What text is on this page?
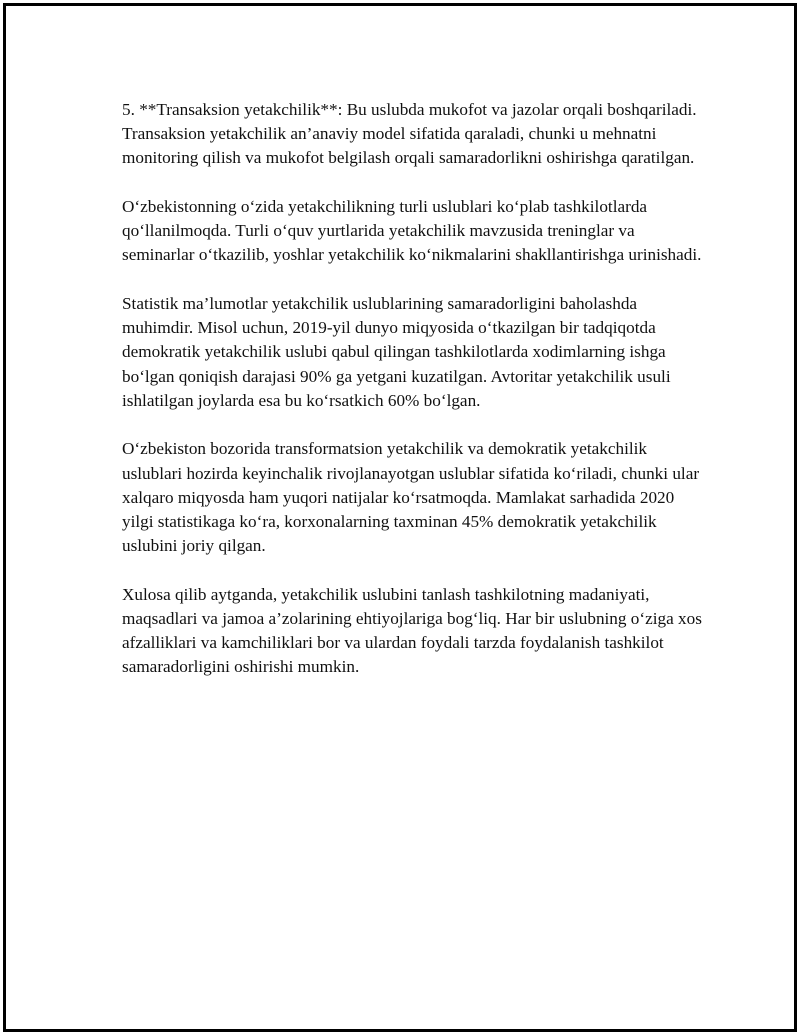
5. **Transaksion yetakchilik**: Bu uslubda mukofot va jazolar orqali boshqariladi. Transaksion yetakchilik an’anaviy model sifatida qaraladi, chunki u mehnatni monitoring qilish va mukofot belgilash orqali samaradorlikni oshirishga qaratilgan.

O‘zbekistonning o‘zida yetakchilikning turli uslublari ko‘plab tashkilotlarda qo‘llanilmoqda. Turli o‘quv yurtlarida yetakchilik mavzusida treninglar va seminarlar o‘tkazilib, yoshlar yetakchilik ko‘nikmalarini shakllantirishga urinishadi.

Statistik ma’lumotlar yetakchilik uslublarining samaradorligini baholashda muhimdir. Misol uchun, 2019-yil dunyo miqyosida o‘tkazilgan bir tadqiqotda demokratik yetakchilik uslubi qabul qilingan tashkilotlarda xodimlarning ishga bo‘lgan qoniqish darajasi 90% ga yetgani kuzatilgan. Avtoritar yetakchilik usuli ishlatilgan joylarda esa bu ko‘rsatkich 60% bo‘lgan.

O‘zbekiston bozorida transformatsion yetakchilik va demokratik yetakchilik uslublari hozirda keyinchalik rivojlanayotgan uslublar sifatida ko‘riladi, chunki ular xalqaro miqyosda ham yuqori natijalar ko‘rsatmoqda. Mamlakat sarhadida 2020 yilgi statistikaga ko‘ra, korxonalarning taxminan 45% demokratik yetakchilik uslubini joriy qilgan.

Xulosa qilib aytganda, yetakchilik uslubini tanlash tashkilotning madaniyati, maqsadlari va jamoa a’zolarining ehtiyojlariga bog‘liq. Har bir uslubning o‘ziga xos afzalliklari va kamchiliklari bor va ulardan foydali tarzda foydalanish tashkilot samaradorligini oshirishi mumkin.
